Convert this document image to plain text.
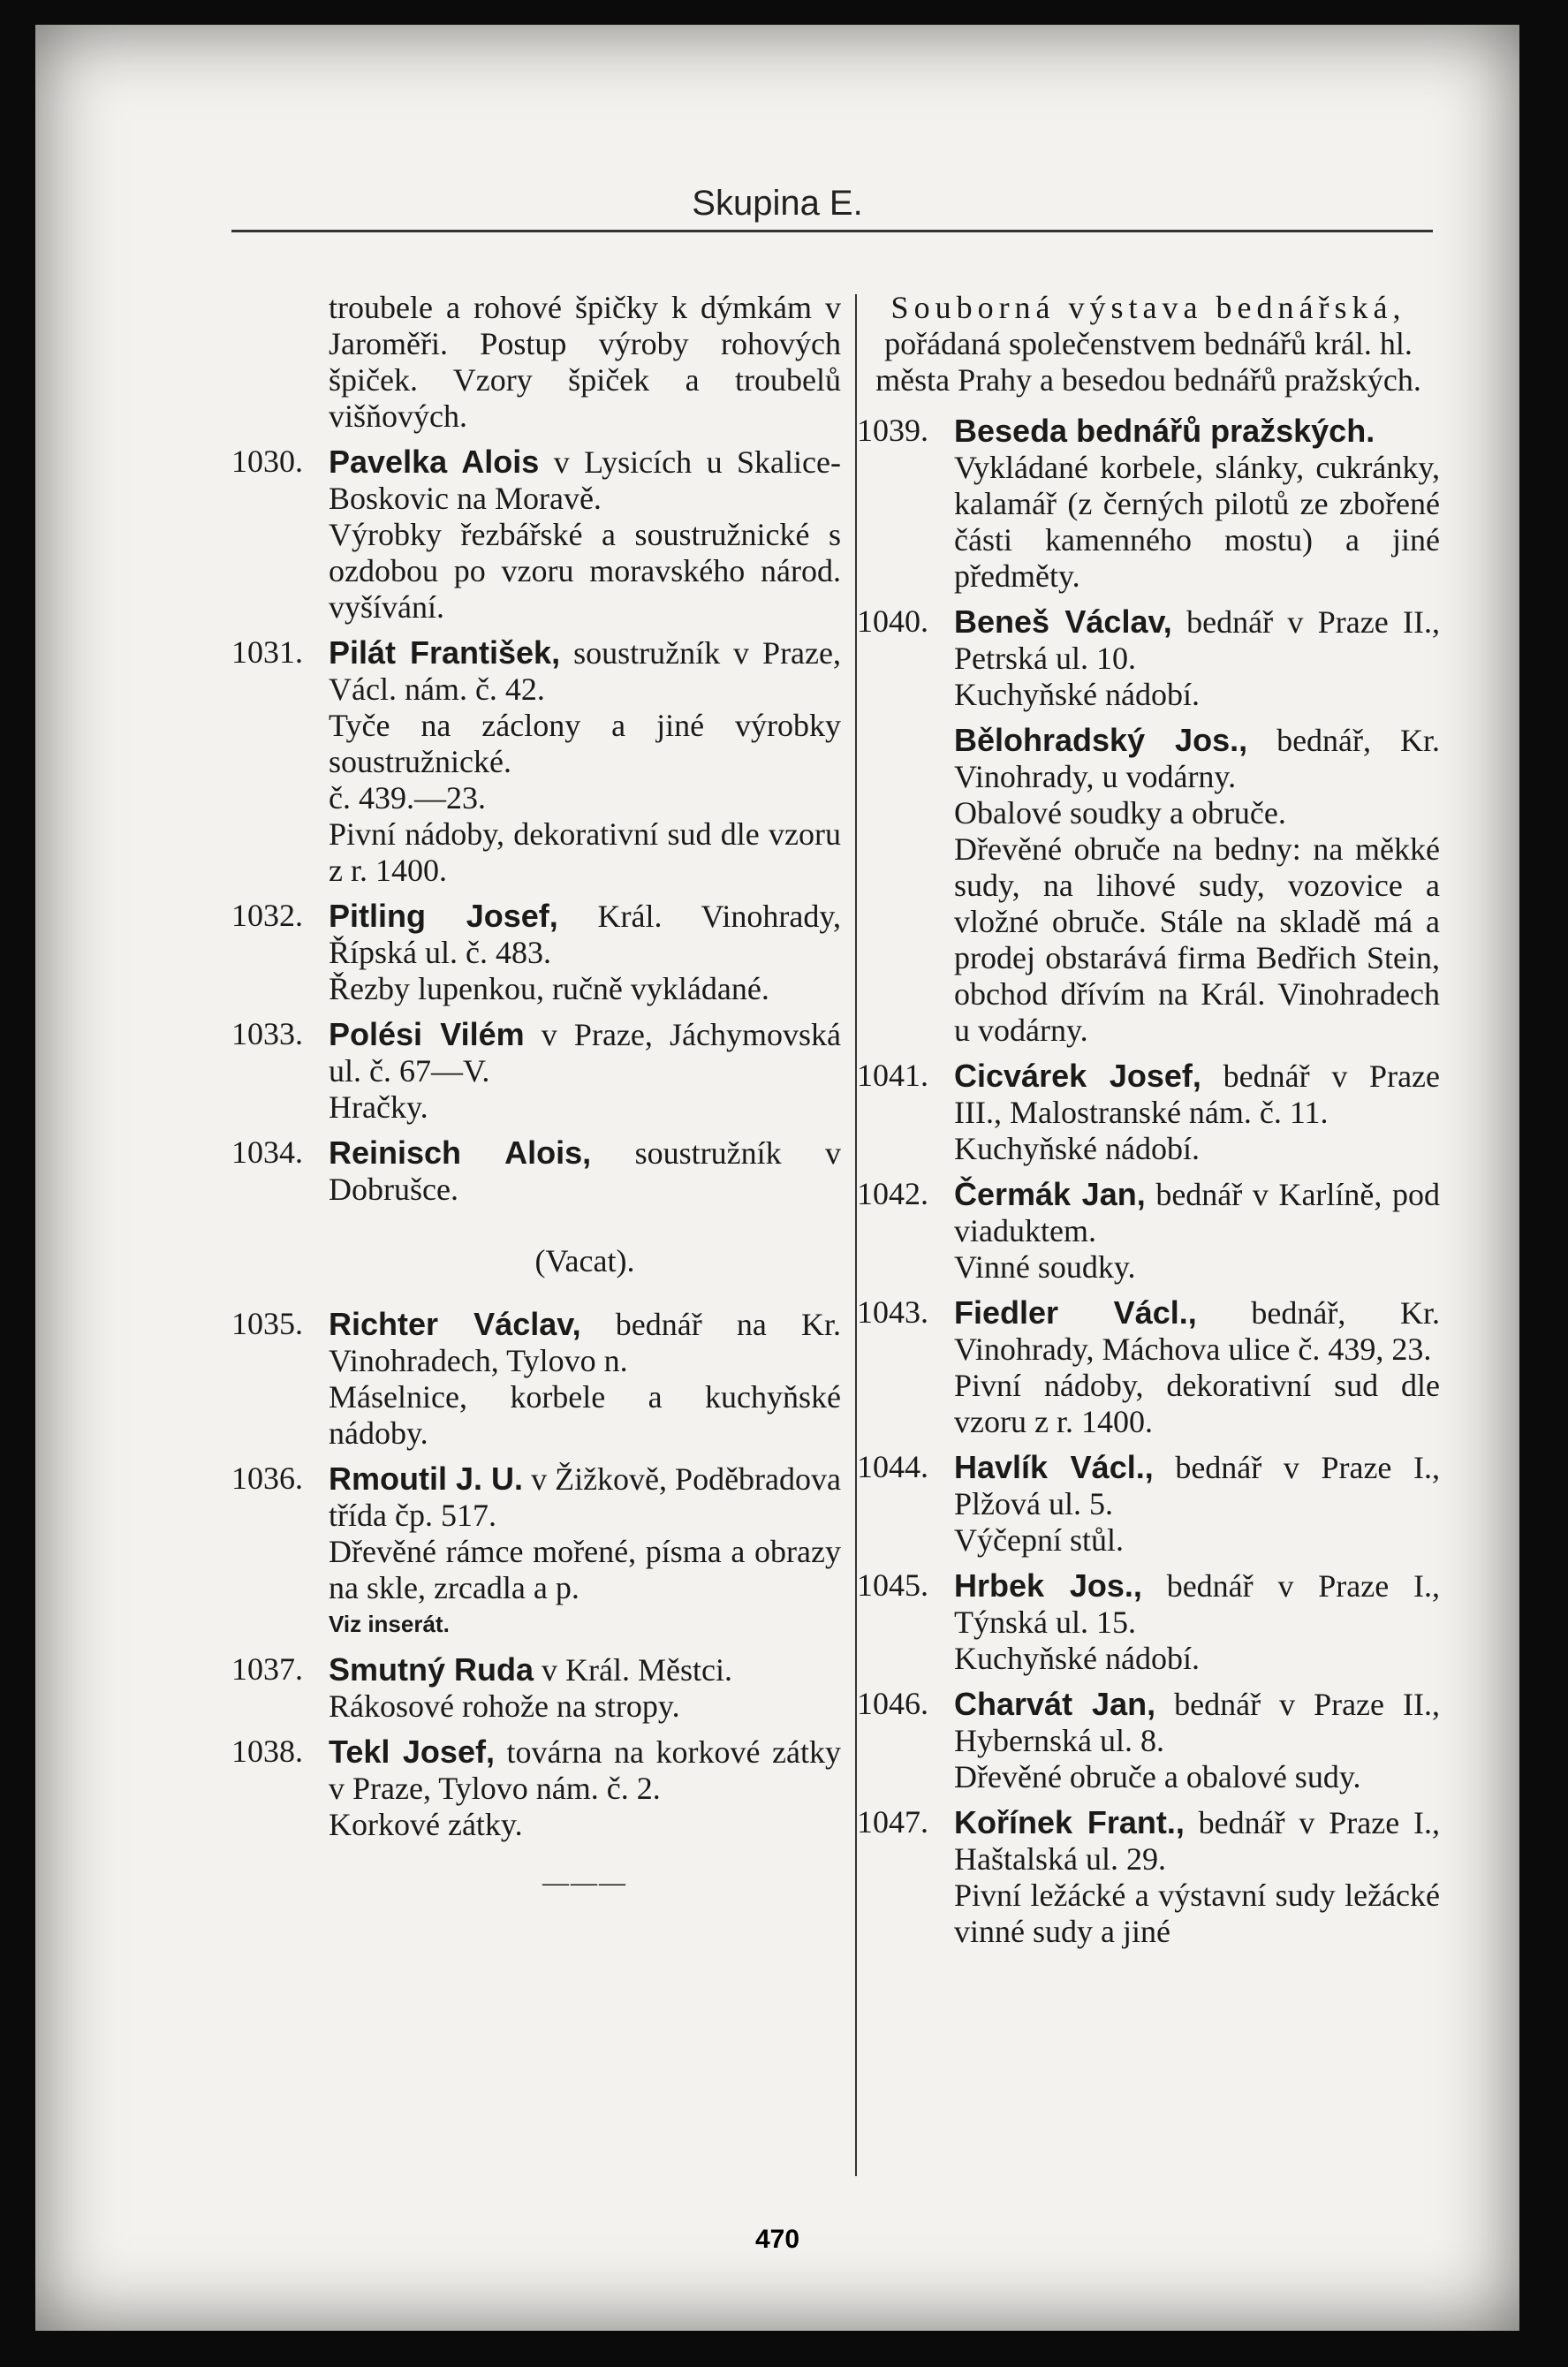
Skupina E.
troubele a rohové špičky k dýmkám v Jaroměři. Postup výroby rohových špiček. Vzory špiček a troubelů višňových.
1030. Pavelka Alois v Lysicích u Skalice-Boskovic na Moravě.
Výrobky řezbářské a soustružnické s ozdobou po vzoru moravského národ. vyšívání.
1031. Pilát František, soustružník v Praze, Václ. nám. č. 42.
Tyče na záclony a jiné výrobky soustružnické.
č. 439.—23.
Pivní nádoby, dekorativní sud dle vzoru z r. 1400.
1032. Pitling Josef, Král. Vinohrady, Řípská ul. č. 483.
Řezby lupenkou, ručně vykládané.
1033. Polési Vilém v Praze, Jáchymovská ul. č. 67—V.
Hračky.
1034. Reinisch Alois, soustružník v Dobrušce.
(Vacat).
1035. Richter Václav, bednář na Kr. Vinohradech, Tylovo n.
Máselnice, korbele a kuchyňské nádoby.
1036. Rmoutil J. U. v Žižkově, Poděbradova třída čp. 517.
Dřevěné rámce mořené, písma a obrazy na skle, zrcadla a p.
Viz inserát.
1037. Smutný Ruda v Král. Městci.
Rákosové rohože na stropy.
1038. Tekl Josef, továrna na korkové zátky v Praze, Tylovo nám. č. 2.
Korkové zátky.
———
Souborná výstava bednářská,
pořádaná společenstvem bednářů král. hl. města Prahy a besedou bednářů pražských.
1039. Beseda bednářů pražských.
Vykládané korbele, slánky, cukránky, kalamář (z černých pilotů ze zbořené části kamenného mostu) a jiné předměty.
1040. Beneš Václav, bednář v Praze II., Petrská ul. 10.
Kuchyňské nádobí.
Bělohradský Jos., bednář, Kr. Vinohrady, u vodárny.
Obalové soudky a obruče.
Dřevěné obruče na bedny: na měkké sudy, na lihové sudy, vozovice a vložné obruče. Stále na skladě má a prodej obstarává firma Bedřich Stein, obchod dřívím na Král. Vinohradech u vodárny.
1041. Cicvárek Josef, bednář v Praze III., Malostranské nám. č. 11.
Kuchyňské nádobí.
1042. Čermák Jan, bednář v Karlíně, pod viaduktem.
Vinné soudky.
1043. Fiedler Václ., bednář, Kr. Vinohrady, Máchova ulice č. 439, 23.
Pivní nádoby, dekorativní sud dle vzoru z r. 1400.
1044. Havlík Václ., bednář v Praze I., Plžová ul. 5.
Výčepní stůl.
1045. Hrbek Jos., bednář v Praze I., Týnská ul. 15.
Kuchyňské nádobí.
1046. Charvát Jan, bednář v Praze II., Hybernská ul. 8.
Dřevěné obruče a obalové sudy.
1047. Kořínek Frant., bednář v Praze I., Haštalská ul. 29.
Pivní ležácké a výstavní sudy ležácké vinné sudy a jiné
470
